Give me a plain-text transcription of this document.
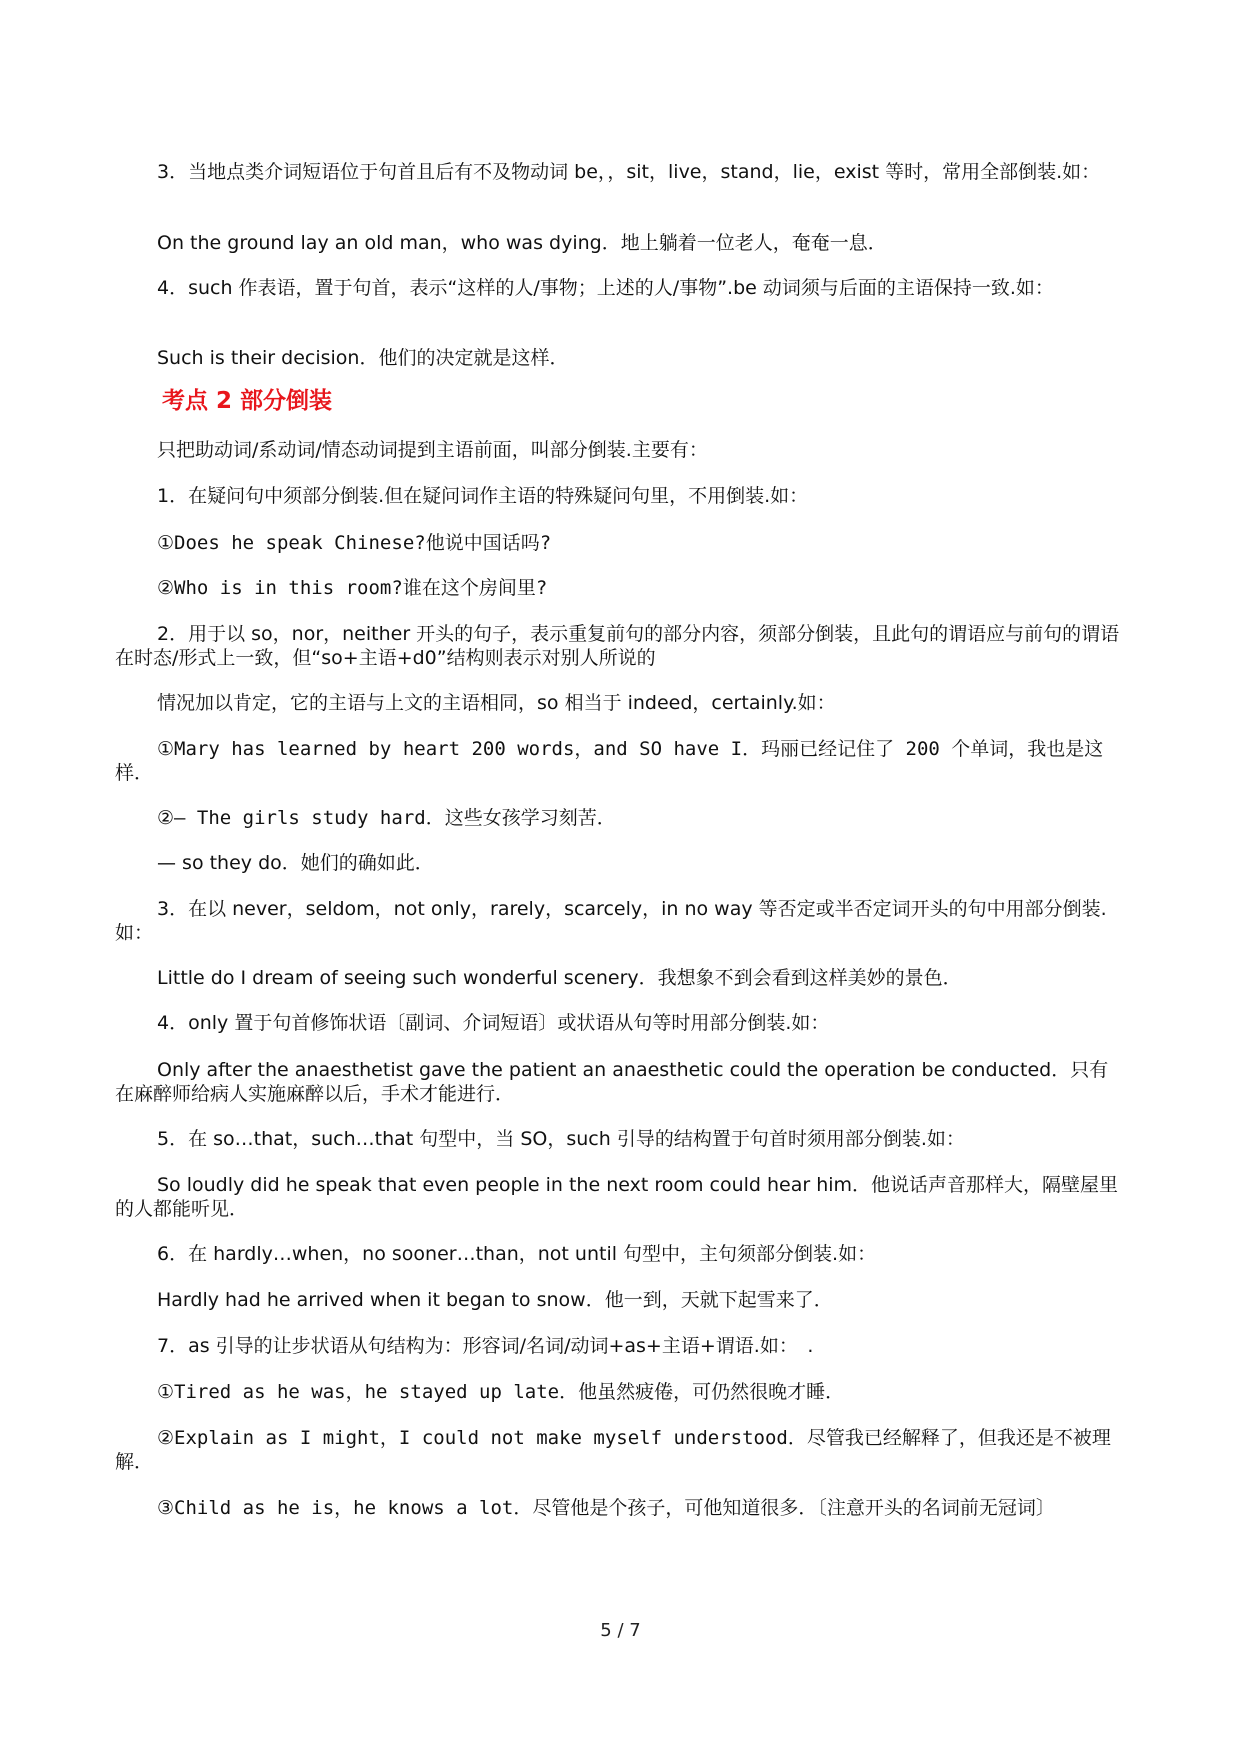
3．当地点类介词短语位于句首且后有不及物动词 be，，sit，live，stand，lie，exist 等时，常用全部倒装.如：

On the ground lay an old man，who was dying．地上躺着一位老人，奄奄一息．

4．such 作表语，置于句首，表示“这样的人/事物；上述的人/事物”.be 动词须与后面的主语保持一致.如：

Such is their decision．他们的决定就是这样．

考点 2 部分倒装

只把助动词/系动词/情态动词提到主语前面，叫部分倒装.主要有：

1．在疑问句中须部分倒装.但在疑问词作主语的特殊疑问句里，不用倒装.如：

①Does he speak Chinese?他说中国话吗?

②Who is in this room?谁在这个房间里?

2．用于以 so，nor，neither 开头的句子，表示重复前句的部分内容，须部分倒装，且此句的谓语应与前句的谓语在时态/形式上一致，但“so+主语+d0”结构则表示对别人所说的

情况加以肯定，它的主语与上文的主语相同，so 相当于 indeed，certainly.如：

①Mary has learned by heart 200 words，and SO have I．玛丽已经记住了 200 个单词，我也是这样．

②— The girls study hard．这些女孩学习刻苦．

— so they do．她们的确如此．

3．在以 never，seldom，not only，rarely，scarcely，in no way 等否定或半否定词开头的句中用部分倒装.如：

Little do I dream of seeing such wonderful scenery．我想象不到会看到这样美妙的景色．

4．only 置于句首修饰状语〔副词、介词短语〕或状语从句等时用部分倒装.如：

Only after the anaesthetist gave the patient an anaesthetic could the operation be conducted．只有在麻醉师给病人实施麻醉以后，手术才能进行．

5．在 so…that，such…that 句型中，当 SO，such 引导的结构置于句首时须用部分倒装.如：

So loudly did he speak that even people in the next room could hear him．他说话声音那样大，隔壁屋里的人都能听见．

6．在 hardly…when，no sooner…than，not until 句型中，主句须部分倒装.如：

Hardly had he arrived when it began to snow．他一到，天就下起雪来了．

7．as 引导的让步状语从句结构为：形容词/名词/动词+as+主语+谓语.如：　.

①Tired as he was，he stayed up late．他虽然疲倦，可仍然很晚才睡．

②Explain as I might，I could not make myself understood．尽管我已经解释了，但我还是不被理解．

③Child as he is，he knows a lot．尽管他是个孩子，可他知道很多．〔注意开头的名词前无冠词〕

5 / 7
